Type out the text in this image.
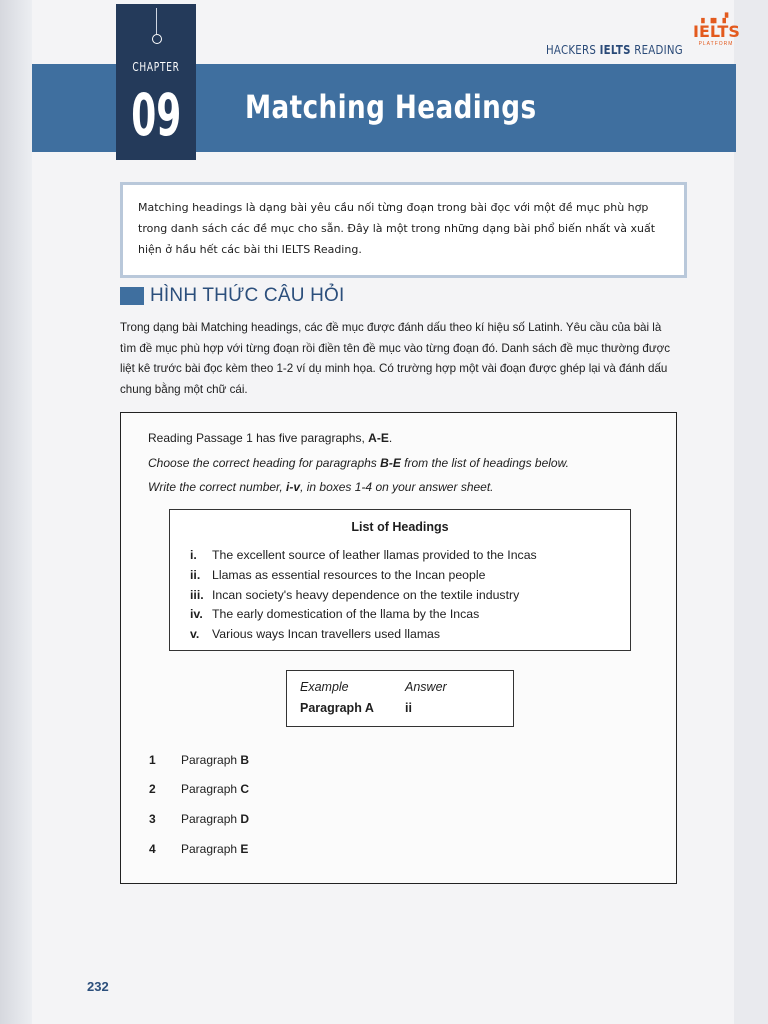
CHAPTER
09 Matching Headings
HACKERS IELTS READING
▖▗▖▗▘
IELTS
PLATFORM
Matching headings là dạng bài yêu cầu nối từng đoạn trong bài đọc với một đề mục phù hợp trong danh sách các đề mục cho sẵn. Đây là một trong những dạng bài phổ biến nhất và xuất hiện ở hầu hết các bài thi IELTS Reading.
HÌNH THỨC CÂU HỎI
Trong dạng bài Matching headings, các đề mục được đánh dấu theo kí hiệu số Latinh. Yêu cầu của bài là tìm đề mục phù hợp với từng đoạn rồi điền tên đề mục vào từng đoạn đó. Danh sách đề mục thường được liệt kê trước bài đọc kèm theo 1-2 ví dụ minh họa. Có trường hợp một vài đoạn được ghép lại và đánh dấu chung bằng một chữ cái.
Reading Passage 1 has five paragraphs, A-E.
Choose the correct heading for paragraphs B-E from the list of headings below.
Write the correct number, i-v, in boxes 1-4 on your answer sheet.
List of Headings
i. The excellent source of leather llamas provided to the Incas
ii. Llamas as essential resources to the Incan people
iii. Incan society's heavy dependence on the textile industry
iv. The early domestication of the llama by the Incas
v. Various ways Incan travellers used llamas
Example	Answer
Paragraph A ii
1 Paragraph B
2 Paragraph C
3 Paragraph D
4 Paragraph E
232
